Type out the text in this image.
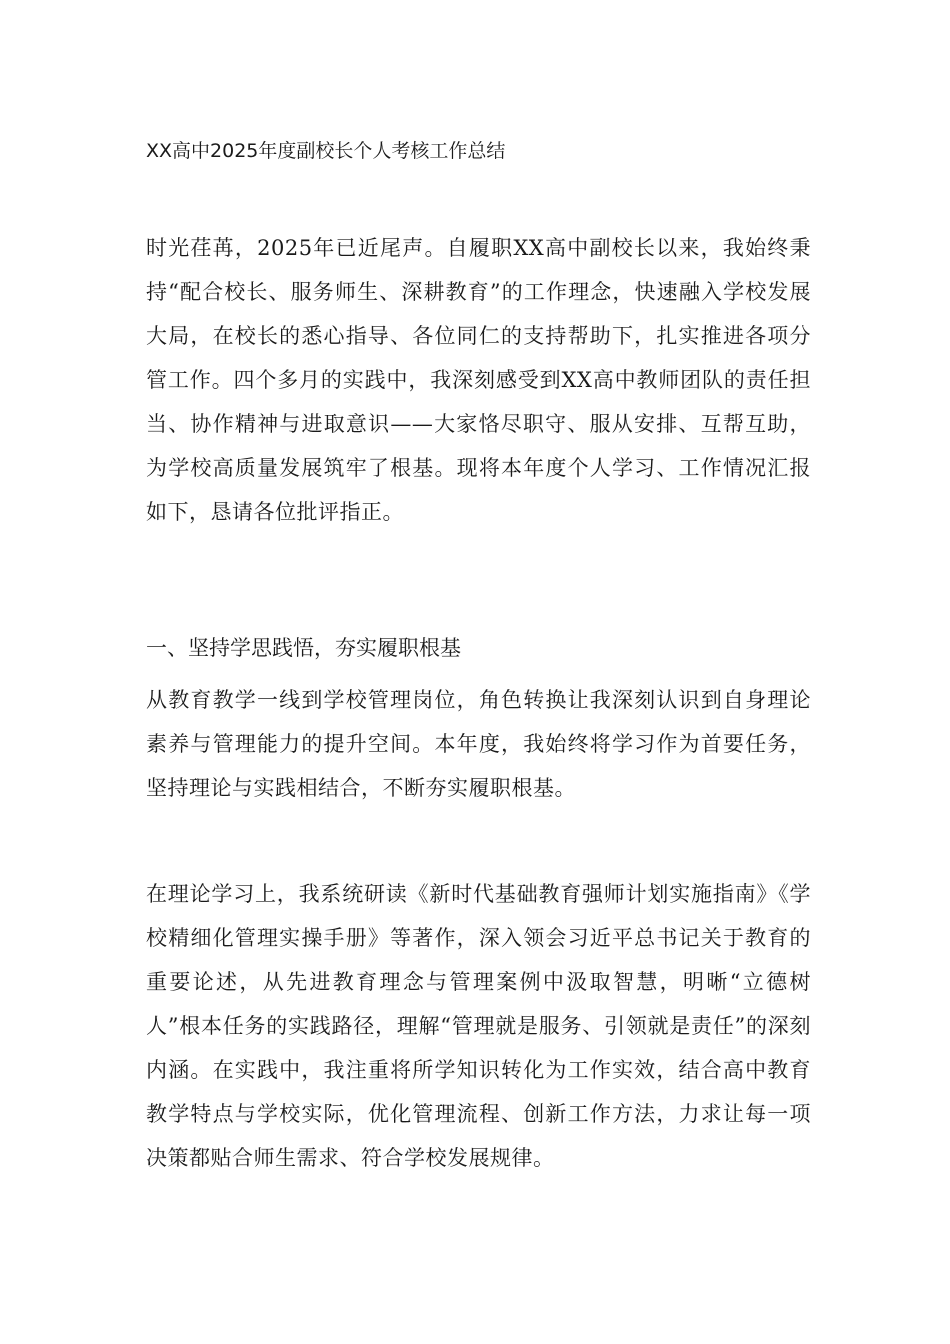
XX高中2025年度副校长个人考核工作总结

时光荏苒，2025年已近尾声。自履职XX高中副校长以来，我始终秉持“配合校长、服务师生、深耕教育”的工作理念，快速融入学校发展大局，在校长的悉心指导、各位同仁的支持帮助下，扎实推进各项分管工作。四个多月的实践中，我深刻感受到XX高中教师团队的责任担当、协作精神与进取意识——大家恪尽职守、服从安排、互帮互助，为学校高质量发展筑牢了根基。现将本年度个人学习、工作情况汇报如下，恳请各位批评指正。

一、坚持学思践悟，夯实履职根基

从教育教学一线到学校管理岗位，角色转换让我深刻认识到自身理论素养与管理能力的提升空间。本年度，我始终将学习作为首要任务，坚持理论与实践相结合，不断夯实履职根基。

在理论学习上，我系统研读《新时代基础教育强师计划实施指南》《学校精细化管理实操手册》等著作，深入领会习近平总书记关于教育的重要论述，从先进教育理念与管理案例中汲取智慧，明晰“立德树人”根本任务的实践路径，理解“管理就是服务、引领就是责任”的深刻内涵。在实践中，我注重将所学知识转化为工作实效，结合高中教育教学特点与学校实际，优化管理流程、创新工作方法，力求让每一项决策都贴合师生需求、符合学校发展规律。
